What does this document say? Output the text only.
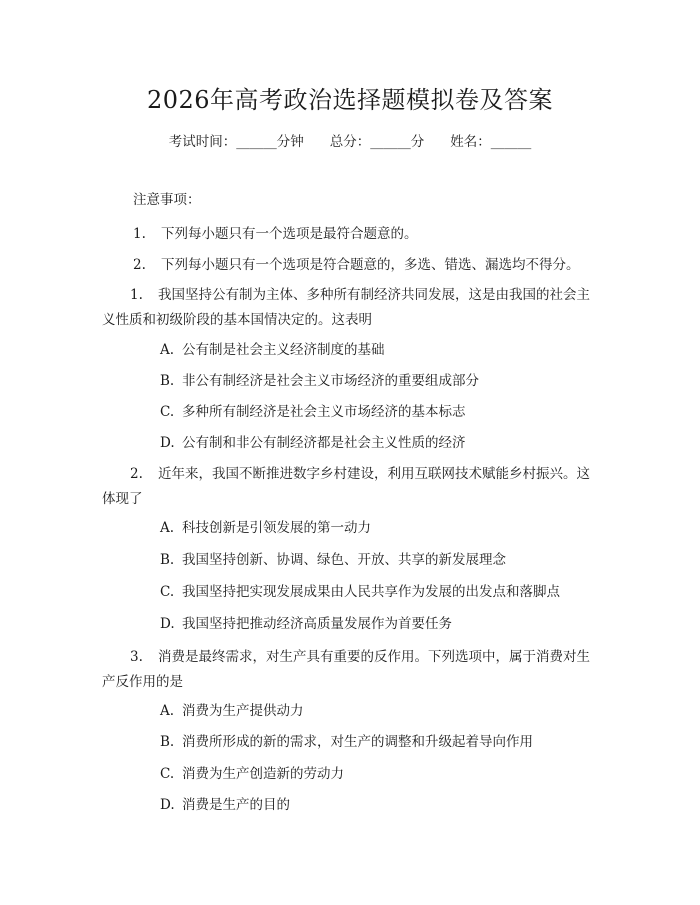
2026年高考政治选择题模拟卷及答案
考试时间：______分钟 总分：______分 姓名：______
注意事项：
1. 下列每小题只有一个选项是最符合题意的。
2. 下列每小题只有一个选项是符合题意的，多选、错选、漏选均不得分。
1. 我国坚持公有制为主体、多种所有制经济共同发展，这是由我国的社会主义性质和初级阶段的基本国情决定的。这表明
A. 公有制是社会主义经济制度的基础
B. 非公有制经济是社会主义市场经济的重要组成部分
C. 多种所有制经济是社会主义市场经济的基本标志
D. 公有制和非公有制经济都是社会主义性质的经济
2. 近年来，我国不断推进数字乡村建设，利用互联网技术赋能乡村振兴。这体现了
A. 科技创新是引领发展的第一动力
B. 我国坚持创新、协调、绿色、开放、共享的新发展理念
C. 我国坚持把实现发展成果由人民共享作为发展的出发点和落脚点
D. 我国坚持把推动经济高质量发展作为首要任务
3. 消费是最终需求，对生产具有重要的反作用。下列选项中，属于消费对生产反作用的是
A. 消费为生产提供动力
B. 消费所形成的新的需求，对生产的调整和升级起着导向作用
C. 消费为生产创造新的劳动力
D. 消费是生产的目的
